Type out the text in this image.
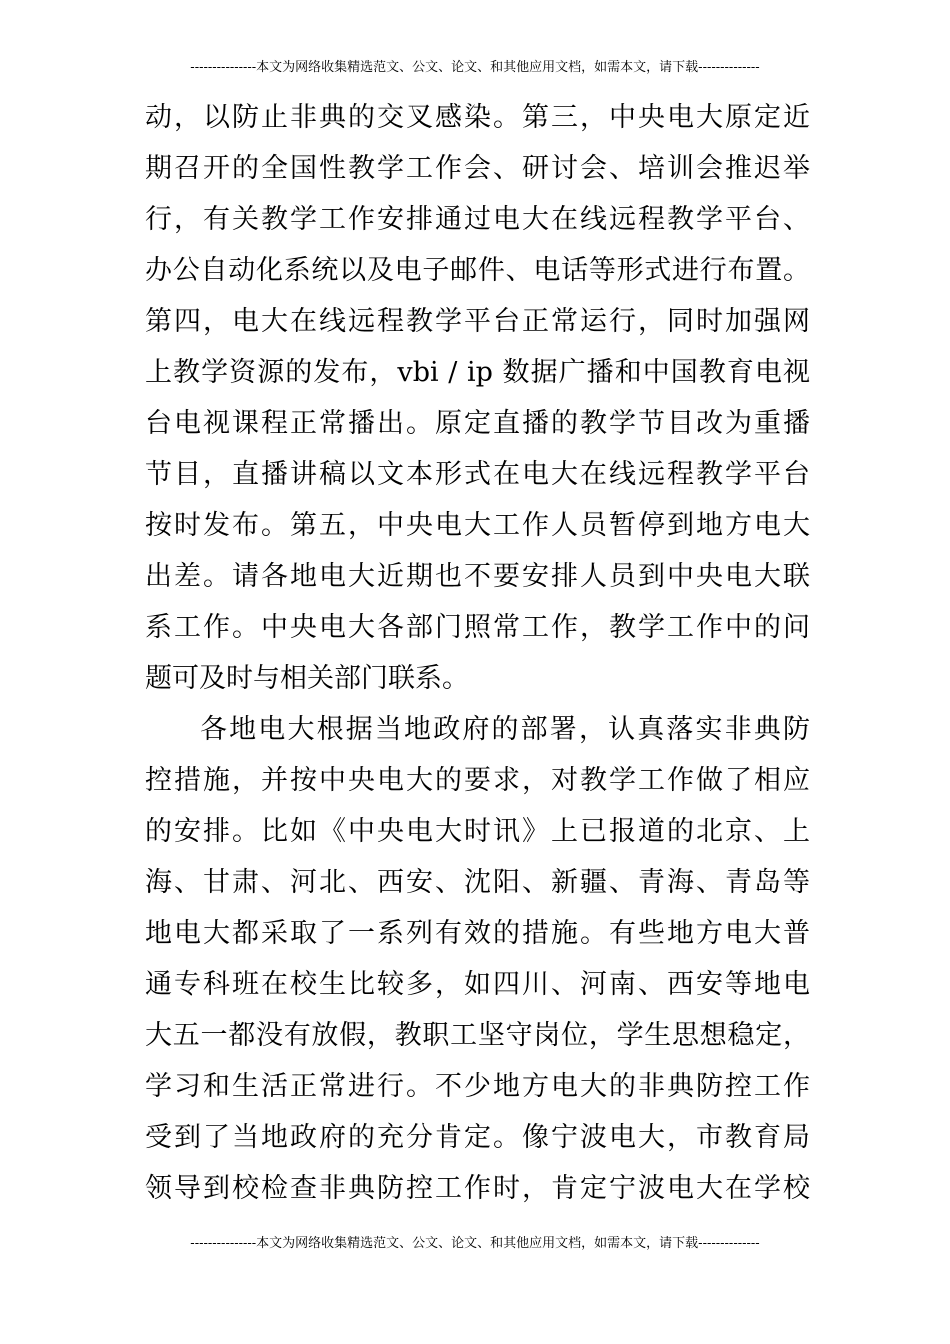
---------------本文为网络收集精选范文、公文、论文、和其他应用文档，如需本文，请下载--------------
动，以防止非典的交叉感染。第三，中央电大原定近
期召开的全国性教学工作会、研讨会、培训会推迟举
行，有关教学工作安排通过电大在线远程教学平台、
办公自动化系统以及电子邮件、电话等形式进行布置。
第四，电大在线远程教学平台正常运行，同时加强网
上教学资源的发布，vbi / ip 数据广播和中国教育电视
台电视课程正常播出。原定直播的教学节目改为重播
节目，直播讲稿以文本形式在电大在线远程教学平台
按时发布。第五，中央电大工作人员暂停到地方电大
出差。请各地电大近期也不要安排人员到中央电大联
系工作。中央电大各部门照常工作，教学工作中的问
题可及时与相关部门联系。
各地电大根据当地政府的部署，认真落实非典防
控措施，并按中央电大的要求，对教学工作做了相应
的安排。比如《中央电大时讯》上已报道的北京、上
海、甘肃、河北、西安、沈阳、新疆、青海、青岛等
地电大都采取了一系列有效的措施。有些地方电大普
通专科班在校生比较多，如四川、河南、西安等地电
大五一都没有放假，教职工坚守岗位，学生思想稳定，
学习和生活正常进行。不少地方电大的非典防控工作
受到了当地政府的充分肯定。像宁波电大，市教育局
领导到校检查非典防控工作时，肯定宁波电大在学校
---------------本文为网络收集精选范文、公文、论文、和其他应用文档，如需本文，请下载--------------
